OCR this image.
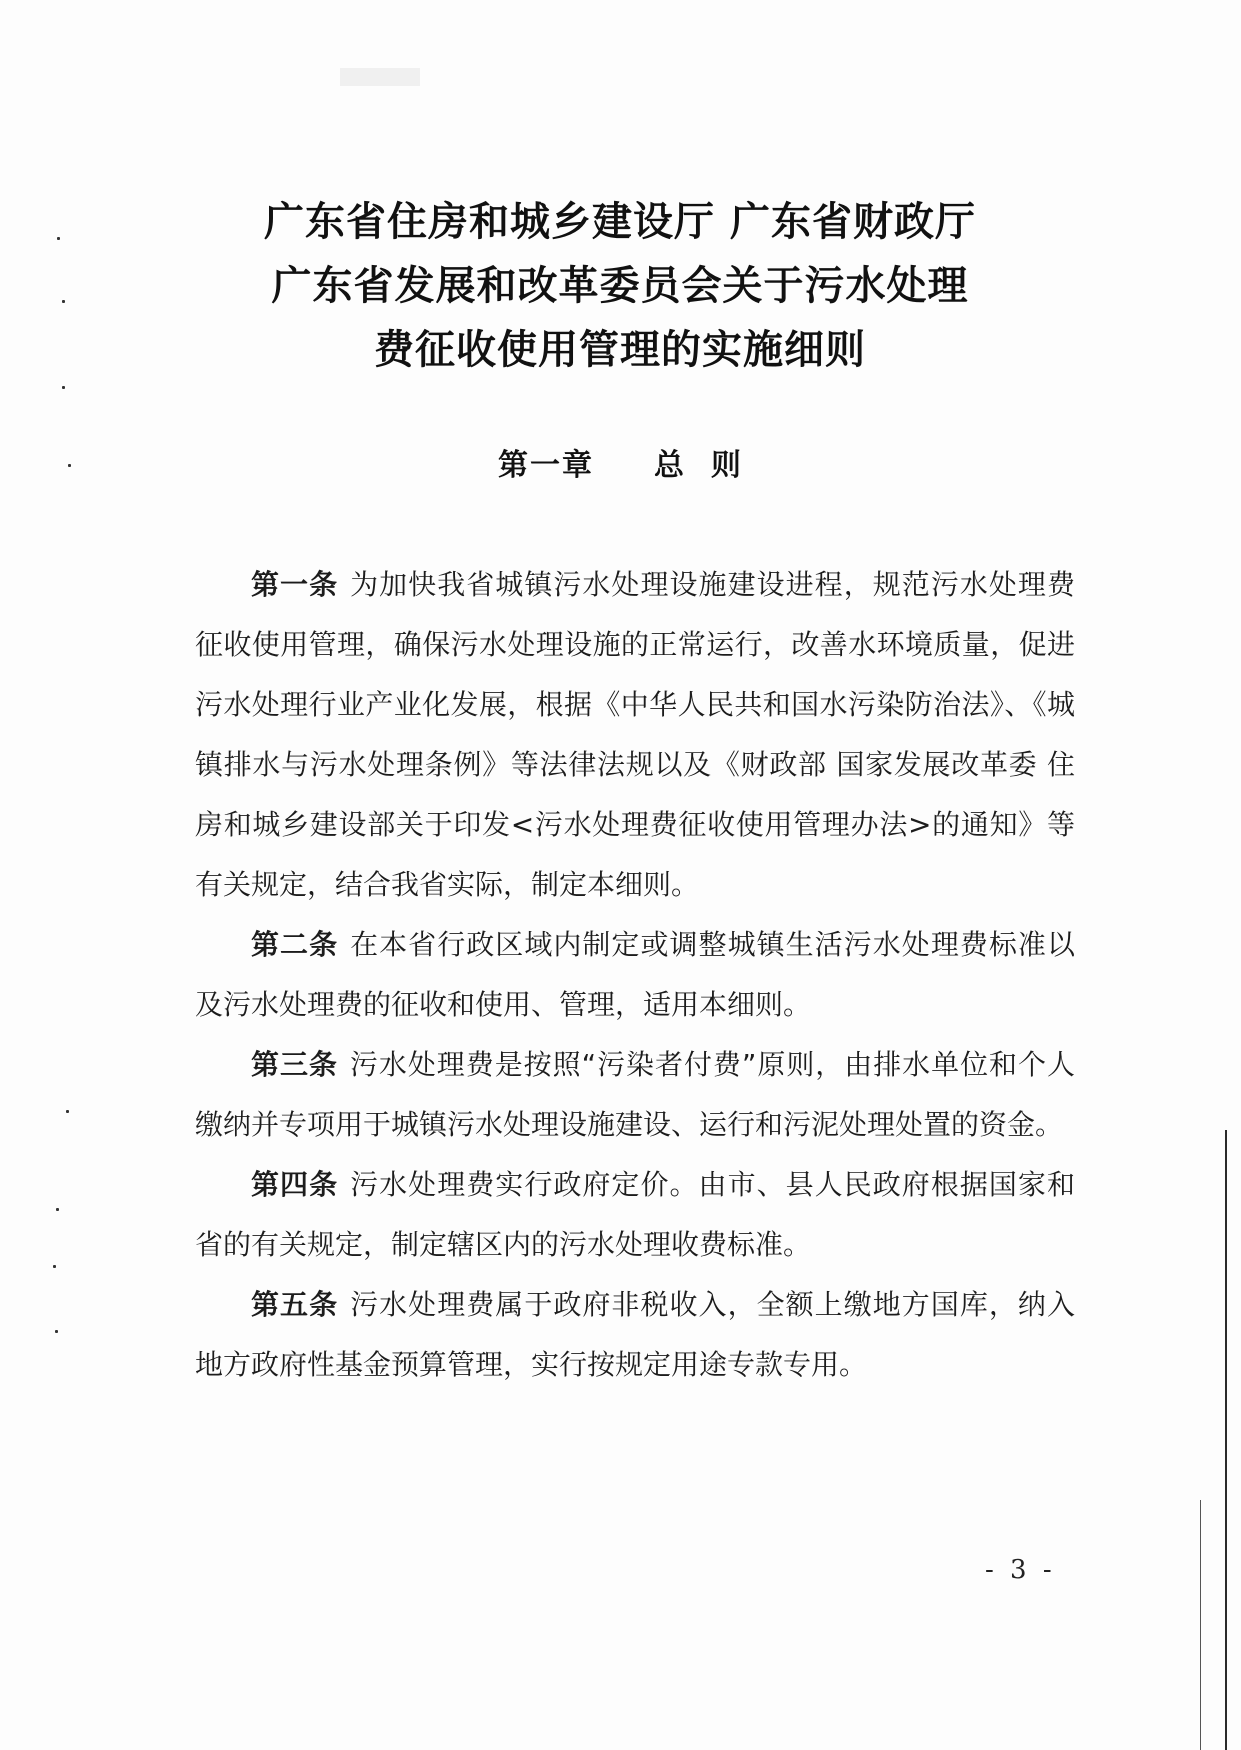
广东省住房和城乡建设厅 广东省财政厅
广东省发展和改革委员会关于污水处理
费征收使用管理的实施细则
第一章 总  则

第一条 为加快我省城镇污水处理设施建设进程，规范污水处理费征收使用管理，确保污水处理设施的正常运行，改善水环境质量，促进污水处理行业产业化发展，根据《中华人民共和国水污染防治法》、《城镇排水与污水处理条例》等法律法规以及《财政部 国家发展改革委 住房和城乡建设部关于印发<污水处理费征收使用管理办法>的通知》等有关规定，结合我省实际，制定本细则。

第二条 在本省行政区域内制定或调整城镇生活污水处理费标准以及污水处理费的征收和使用、管理，适用本细则。

第三条 污水处理费是按照“污染者付费”原则，由排水单位和个人缴纳并专项用于城镇污水处理设施建设、运行和污泥处理处置的资金。

第四条 污水处理费实行政府定价。由市、县人民政府根据国家和省的有关规定，制定辖区内的污水处理收费标准。

第五条 污水处理费属于政府非税收入，全额上缴地方国库，纳入地方政府性基金预算管理，实行按规定用途专款专用。

- 3 -
